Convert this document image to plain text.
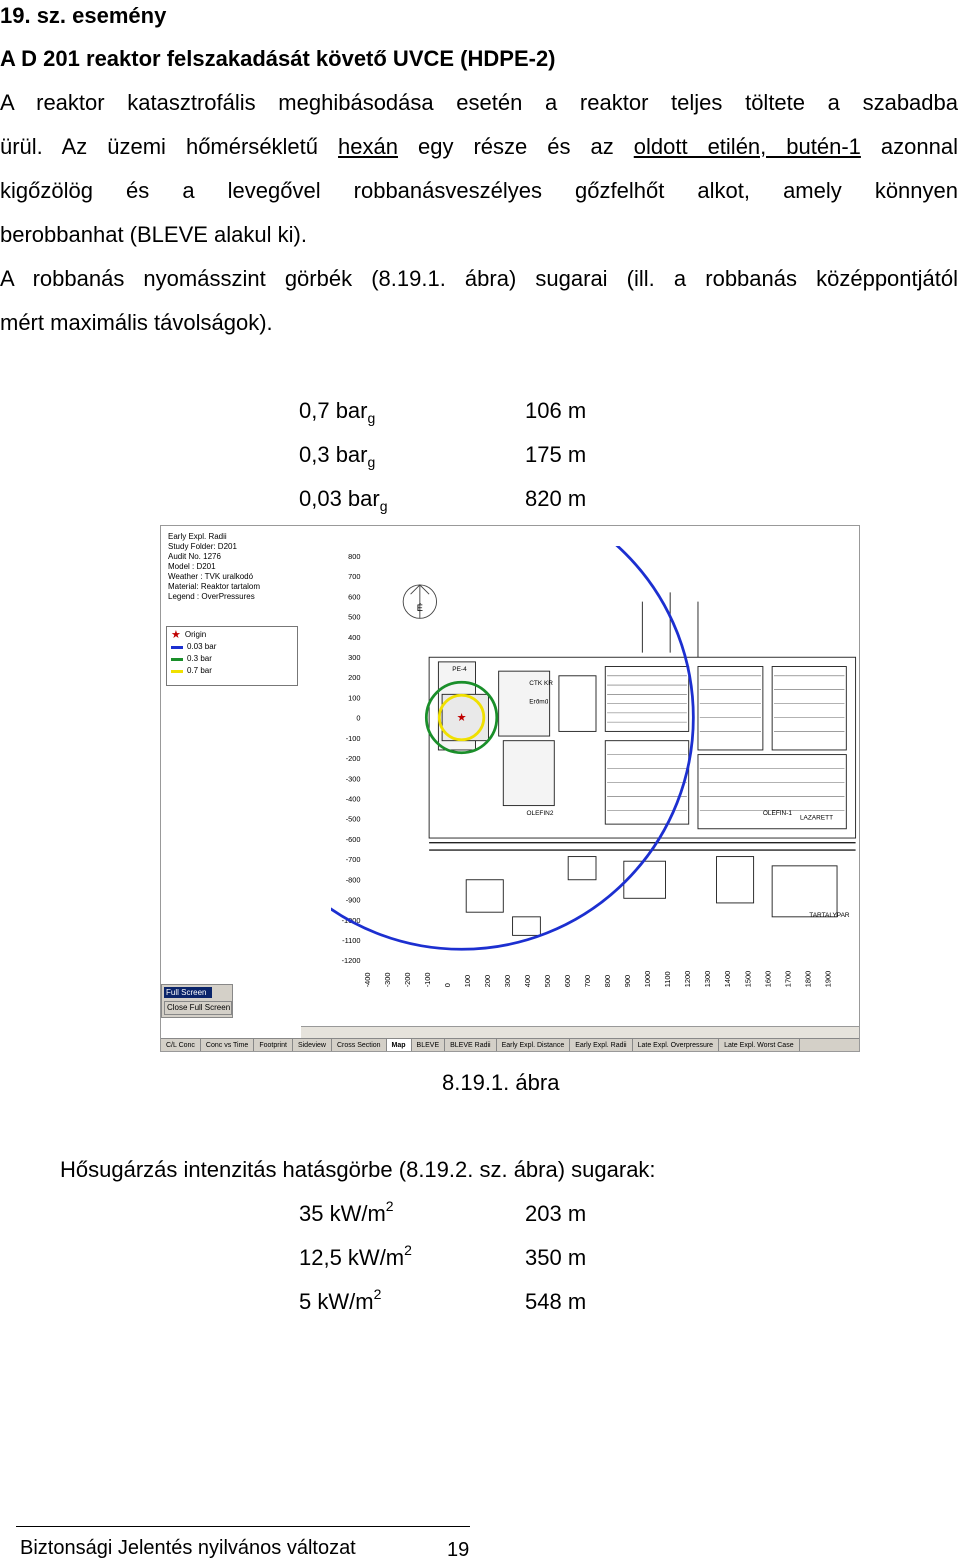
19. sz. esemény
A D 201 reaktor felszakadását követő UVCE (HDPE-2)
A reaktor katasztrofális meghibásodása esetén a reaktor teljes töltete a szabadba
ürül. Az üzemi hőmérsékletű hexán egy része és az oldott etilén, butén-1 azonnal
kigőzölög és a levegővel robbanásveszélyes gőzfelhőt alkot, amely könnyen
berobbanhat (BLEVE alakul ki).
A robbanás nyomásszint görbék (8.19.1. ábra) sugarai (ill. a robbanás középpontjától
mért maximális távolságok).
0,7 bar$_g$	106 m
0,3 bar$_g$	175 m
0,03 bar$_g$	820 m
Early Expl. Radii
Study Folder: D201
Audit No. 1276
Model : D201
Weather : TVK uralkodó
Material: Reaktor tartalom
Legend : OverPressures
★ Origin
0.03 bar
0.3 bar
0.7 bar
Full Screen
Close Full Screen
800
700
600
500
400
300
200
100
0
-100
-200
-300
-400
-500
-600
-700
-800
-900
-1000
-1100
-1200
★
É
PE-4
CTK KR
Erőmű
OLEFIN2	OLEFIN-1
LAZARETT
TARTALYPAR
-400 -300 -200 -100 0 100 200 300 400 500 600 700 800 900 1000 1100 1200 1300 1400 1500 1600 1700 1800 1900
C/L Conc	Conc vs Time	Footprint	Sideview	Cross Section	Map	BLEVE	BLEVE Radii	Early Expl. Distance	Early Expl. Radii	Late Expl. Overpressure	Late Expl. Worst Case
8.19.1. ábra
Hősugárzás intenzitás hatásgörbe (8.19.2. sz. ábra) sugarak:
35 $kW/m^2$	203 m
12,5 $kW/m^2$	350 m
5 $kW/m^2$	548 m
Biztonsági Jelentés nyilvános változat	19
